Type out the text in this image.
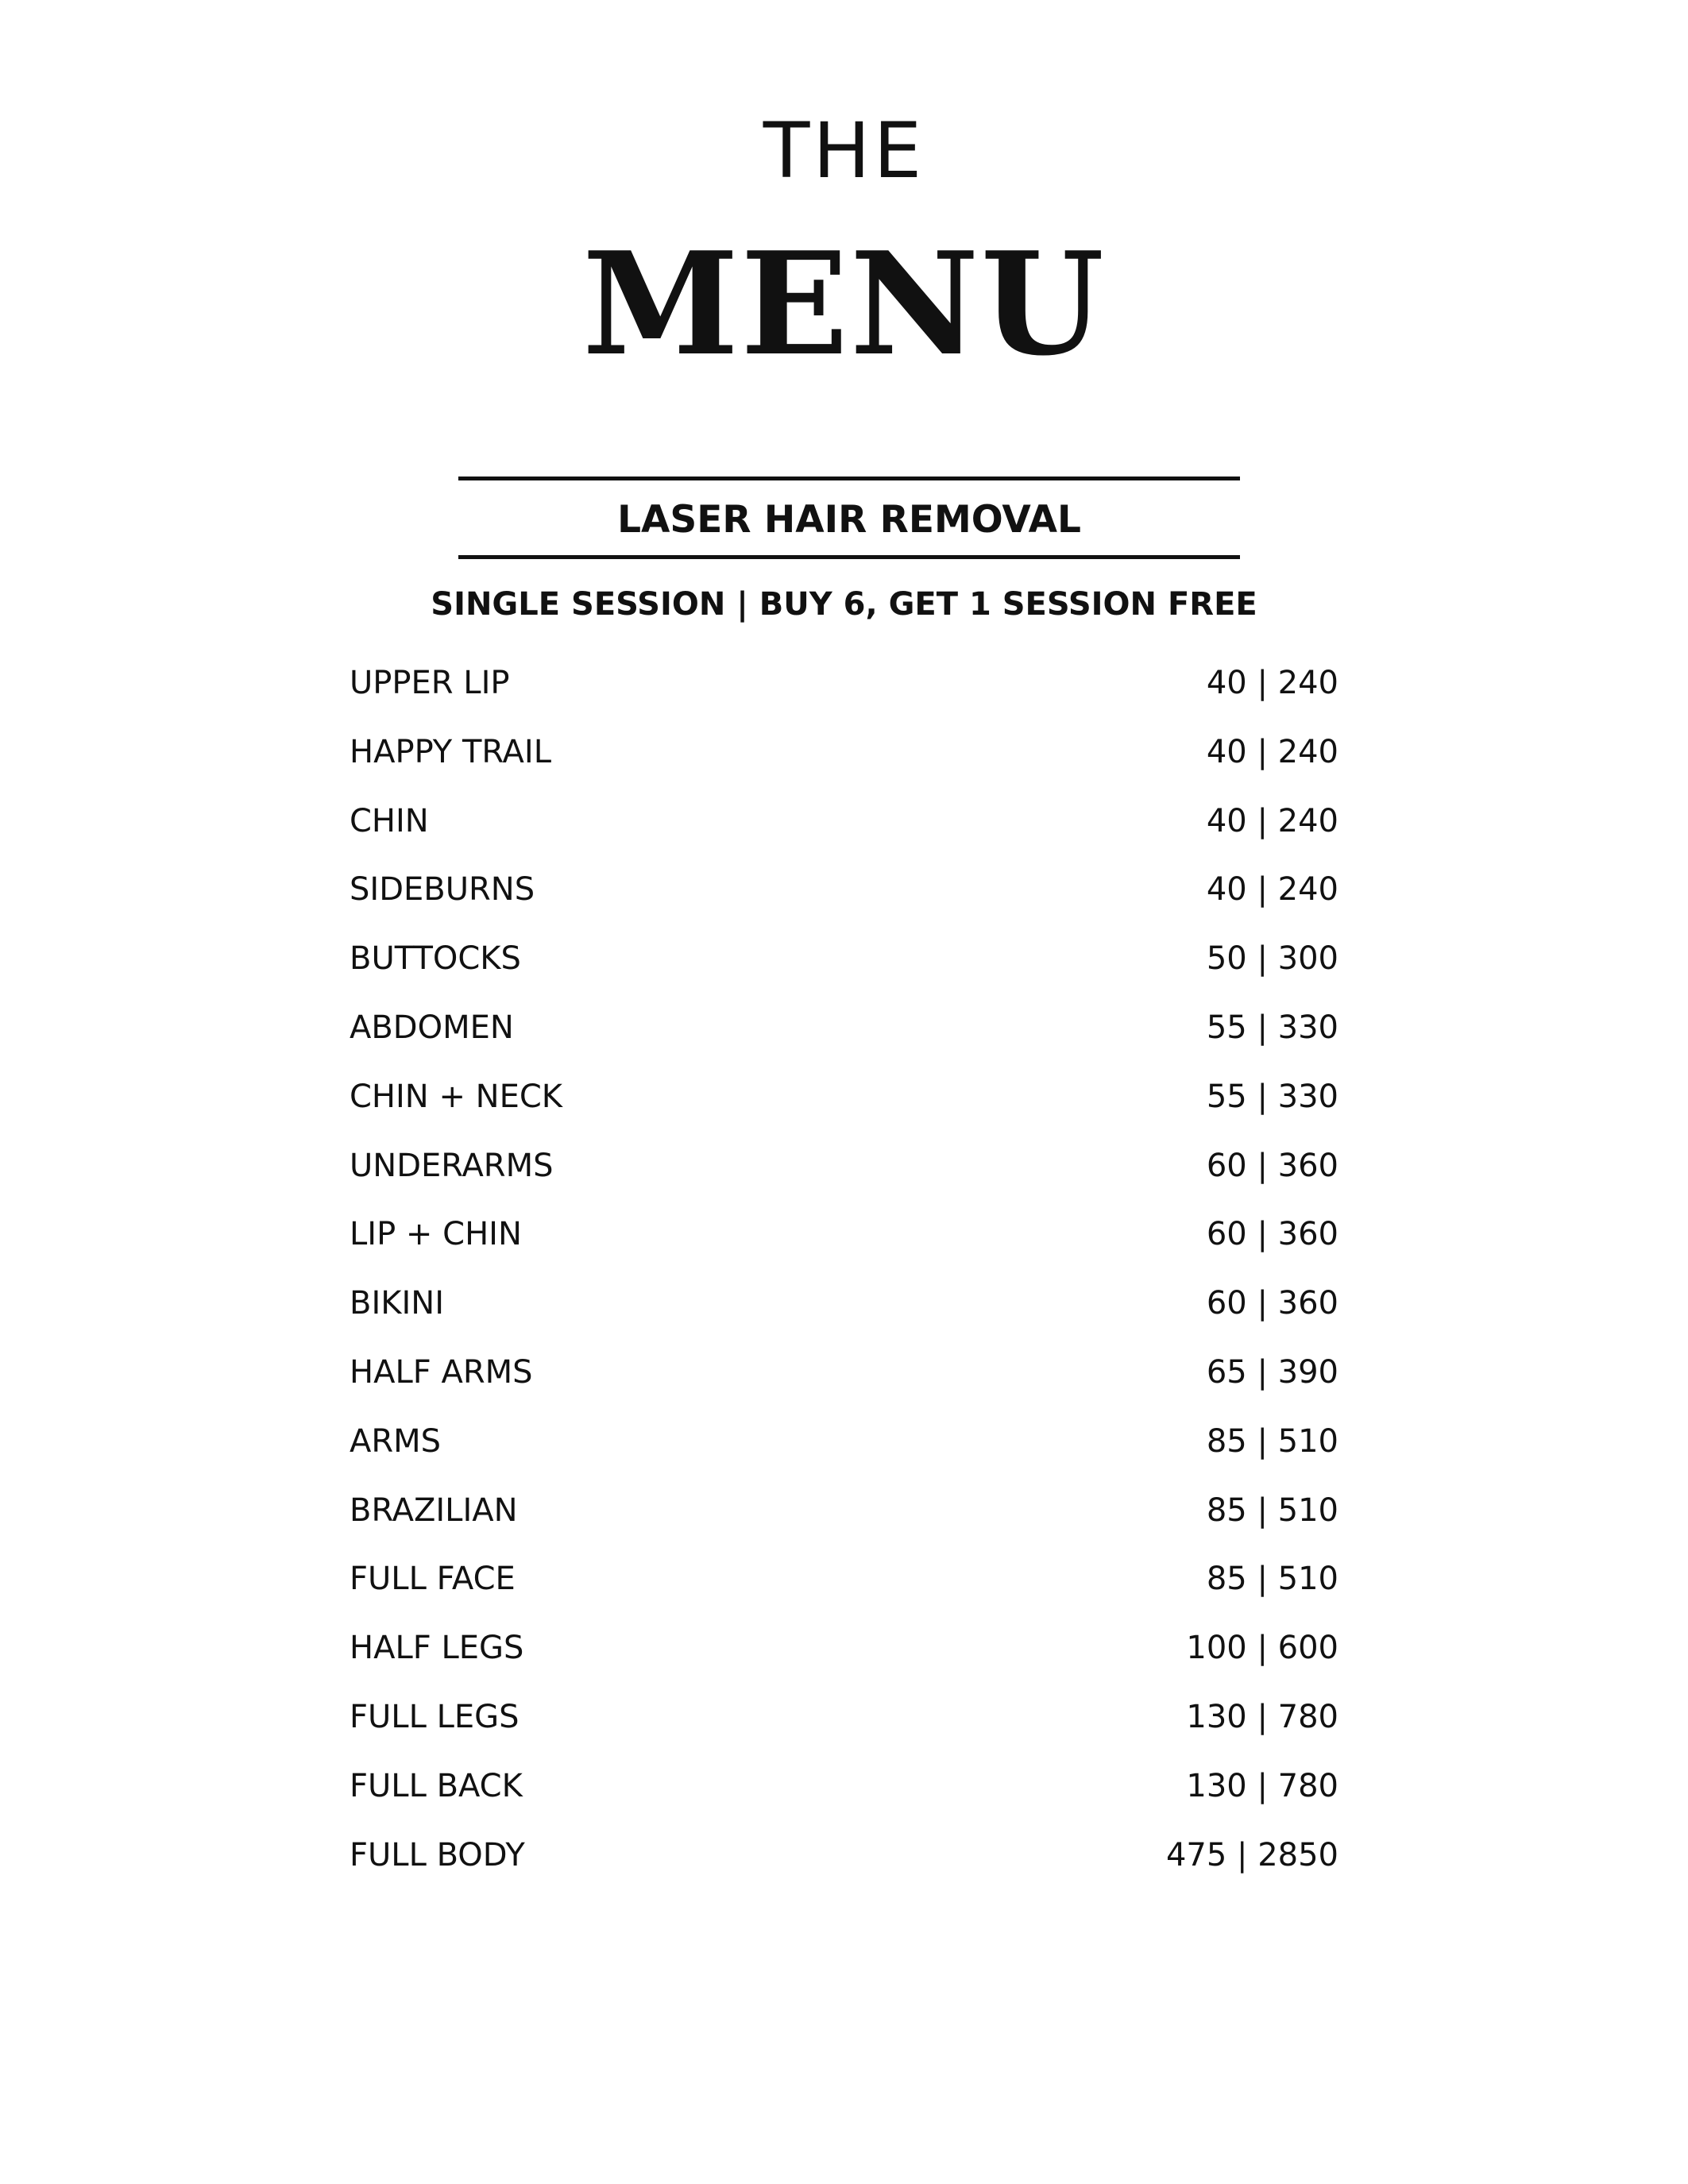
THE
MENU
LASER HAIR REMOVAL
SINGLE SESSION | BUY 6, GET 1 SESSION FREE
UPPER LIP	40 | 240
HAPPY TRAIL	40 | 240
CHIN	40 | 240
SIDEBURNS	40 | 240
BUTTOCKS	50 | 300
ABDOMEN	55 | 330
CHIN + NECK	55 | 330
UNDERARMS	60 | 360
LIP + CHIN	60 | 360
BIKINI	60 | 360
HALF ARMS	65 | 390
ARMS	85 | 510
BRAZILIAN	85 | 510
FULL FACE	85 | 510
HALF LEGS	100 | 600
FULL LEGS	130 | 780
FULL BACK	130 | 780
FULL BODY	475 | 2850
